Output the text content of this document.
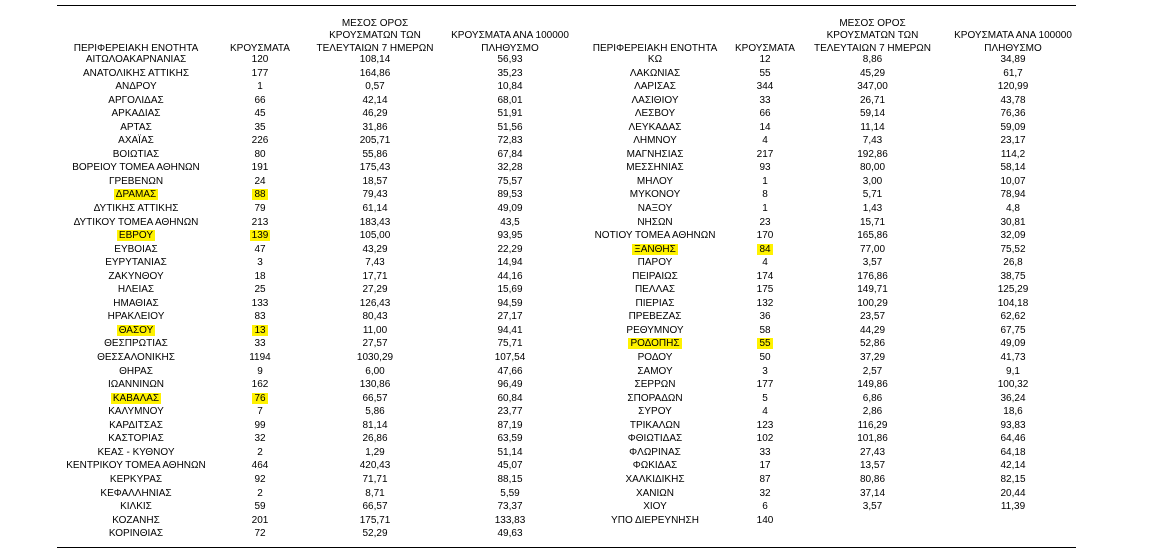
ΠΕΡΙΦΕΡΕΙΑΚΗ ΕΝΟΤΗΤΑ	ΚΡΟΥΣΜΑΤΑ
ΜΕΣΟΣ ΟΡΟΣ
ΚΡΟΥΣΜΑΤΩΝ ΤΩΝ
ΤΕΛΕΥΤΑΙΩΝ 7 ΗΜΕΡΩΝ
ΚΡΟΥΣΜΑΤΑ ΑΝΑ 100000
ΠΛΗΘΥΣΜΟ	ΠΕΡΙΦΕΡΕΙΑΚΗ ΕΝΟΤΗΤΑ ΚΡΟΥΣΜΑΤΑ
ΜΕΣΟΣ ΟΡΟΣ
ΚΡΟΥΣΜΑΤΩΝ ΤΩΝ
ΤΕΛΕΥΤΑΙΩΝ 7 ΗΜΕΡΩΝ
ΚΡΟΥΣΜΑΤΑ ΑΝΑ 100000
ΠΛΗΘΥΣΜΟ
ΑΙΤΩΛΟΑΚΑΡΝΑΝΙΑΣ	120	108,14	56,93
ΑΝΑΤΟΛΙΚΗΣ ΑΤΤΙΚΗΣ	177	164,86	35,23
ΑΝΔΡΟΥ	1	0,57	10,84
ΑΡΓΟΛΙΔΑΣ	66	42,14	68,01
ΑΡΚΑΔΙΑΣ	45	46,29	51,91
ΑΡΤΑΣ	35	31,86	51,56
ΑΧΑΪΑΣ	226	205,71	72,83
ΒΟΙΩΤΙΑΣ	80	55,86	67,84
ΒΟΡΕΙΟΥ ΤΟΜΕΑ ΑΘΗΝΩΝ	191	175,43	32,28
ΓΡΕΒΕΝΩΝ	24	18,57	75,57
ΔΡΑΜΑΣ	88	79,43	89,53
ΔΥΤΙΚΗΣ ΑΤΤΙΚΗΣ	79	61,14	49,09
ΔΥΤΙΚΟΥ ΤΟΜΕΑ ΑΘΗΝΩΝ	213	183,43	43,5
ΕΒΡΟΥ	139	105,00	93,95
ΕΥΒΟΙΑΣ	47	43,29	22,29
ΕΥΡΥΤΑΝΙΑΣ	3	7,43	14,94
ΖΑΚΥΝΘΟΥ	18	17,71	44,16
ΗΛΕΙΑΣ	25	27,29	15,69
ΗΜΑΘΙΑΣ	133	126,43	94,59
ΗΡΑΚΛΕΙΟΥ	83	80,43	27,17
ΘΑΣΟΥ	13	11,00	94,41
ΘΕΣΠΡΩΤΙΑΣ	33	27,57	75,71
ΘΕΣΣΑΛΟΝΙΚΗΣ	1194	1030,29	107,54
ΘΗΡΑΣ	9	6,00	47,66
ΙΩΑΝΝΙΝΩΝ	162	130,86	96,49
ΚΑΒΑΛΑΣ	76	66,57	60,84
ΚΑΛΥΜΝΟΥ	7	5,86	23,77
ΚΑΡΔΙΤΣΑΣ	99	81,14	87,19
ΚΑΣΤΟΡΙΑΣ	32	26,86	63,59
ΚΕΑΣ - ΚΥΘΝΟΥ	2	1,29	51,14
ΚΕΝΤΡΙΚΟΥ ΤΟΜΕΑ ΑΘΗΝΩΝ	464	420,43	45,07
ΚΕΡΚΥΡΑΣ	92	71,71	88,15
ΚΕΦΑΛΛΗΝΙΑΣ	2	8,71	5,59
ΚΙΛΚΙΣ	59	66,57	73,37
ΚΟΖΑΝΗΣ	201	175,71	133,83
ΚΟΡΙΝΘΙΑΣ	72	52,29	49,63
ΚΩ	12	8,86	34,89
ΛΑΚΩΝΙΑΣ	55	45,29	61,7
ΛΑΡΙΣΑΣ	344	347,00	120,99
ΛΑΣΙΘΙΟΥ	33	26,71	43,78
ΛΕΣΒΟΥ	66	59,14	76,36
ΛΕΥΚΑΔΑΣ	14	11,14	59,09
ΛΗΜΝΟΥ	4	7,43	23,17
ΜΑΓΝΗΣΙΑΣ	217	192,86	114,2
ΜΕΣΣΗΝΙΑΣ	93	80,00	58,14
ΜΗΛΟΥ	1	3,00	10,07
ΜΥΚΟΝΟΥ	8	5,71	78,94
ΝΑΞΟΥ	1	1,43	4,8
ΝΗΣΩΝ	23	15,71	30,81
ΝΟΤΙΟΥ ΤΟΜΕΑ ΑΘΗΝΩΝ	170	165,86	32,09
ΞΑΝΘΗΣ	84	77,00	75,52
ΠΑΡΟΥ	4	3,57	26,8
ΠΕΙΡΑΙΩΣ	174	176,86	38,75
ΠΕΛΛΑΣ	175	149,71	125,29
ΠΙΕΡΙΑΣ	132	100,29	104,18
ΠΡΕΒΕΖΑΣ	36	23,57	62,62
ΡΕΘΥΜΝΟΥ	58	44,29	67,75
ΡΟΔΟΠΗΣ	55	52,86	49,09
ΡΟΔΟΥ	50	37,29	41,73
ΣΑΜΟΥ	3	2,57	9,1
ΣΕΡΡΩΝ	177	149,86	100,32
ΣΠΟΡΑΔΩΝ	5	6,86	36,24
ΣΥΡΟΥ	4	2,86	18,6
ΤΡΙΚΑΛΩΝ	123	116,29	93,83
ΦΘΙΩΤΙΔΑΣ	102	101,86	64,46
ΦΛΩΡΙΝΑΣ	33	27,43	64,18
ΦΩΚΙΔΑΣ	17	13,57	42,14
ΧΑΛΚΙΔΙΚΗΣ	87	80,86	82,15
ΧΑΝΙΩΝ	32	37,14	20,44
ΧΙΟΥ	6	3,57	11,39
ΥΠΟ ΔΙΕΡΕΥΝΗΣΗ	140		
